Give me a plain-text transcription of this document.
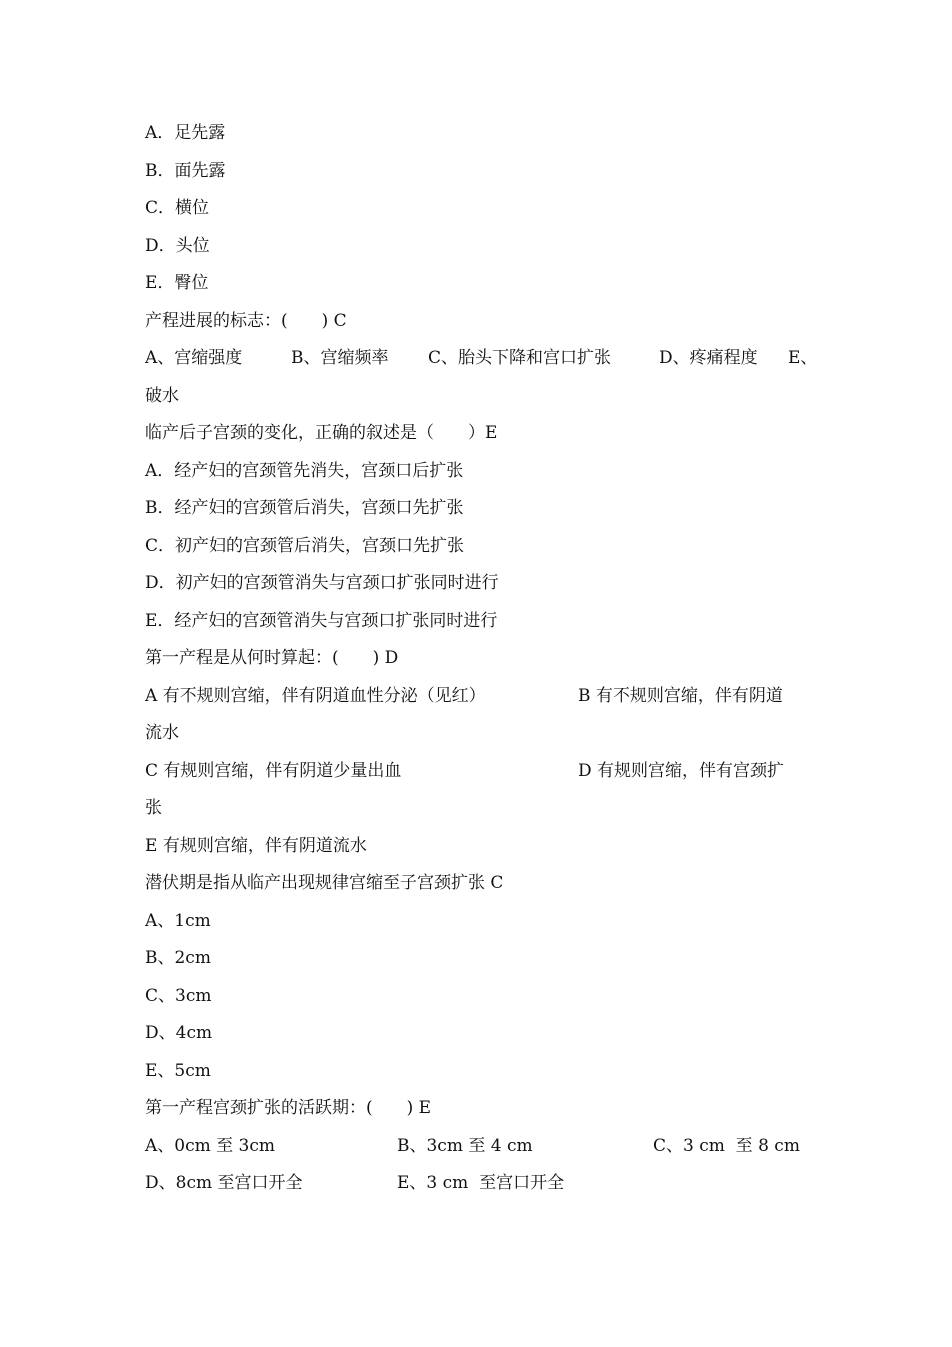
A．足先露
B．面先露
C．横位
D．头位
E．臀位
产程进展的标志：(　　) C

A、宫缩强度

	B、宫缩频率

C、胎头下降和宫口扩张

	D、疼痛程度

E、

破水
临产后子宫颈的变化，正确的叙述是（　　）E
A．经产妇的宫颈管先消失，宫颈口后扩张
B．经产妇的宫颈管后消失，宫颈口先扩张
C．初产妇的宫颈管后消失，宫颈口先扩张
D．初产妇的宫颈管消失与宫颈口扩张同时进行
E．经产妇的宫颈管消失与宫颈口扩张同时进行
第一产程是从何时算起：(　　) D

A 有不规则宫缩，伴有阴道血性分泌（见红）

	B 有不规则宫缩，伴有阴道

流水

C 有规则宫缩，伴有阴道少量出血

	D 有规则宫缩，伴有宫颈扩

张
E 有规则宫缩，伴有阴道流水
潜伏期是指从临产出现规律宫缩至子宫颈扩张 C
A、1cm
B、2cm
C、3cm
D、4cm
E、5cm
第一产程宫颈扩张的活跃期：(　　) E

A、0cm 至 3cm

	B、3cm 至 4 cm

	C、3 cm  至 8 cm

D、8cm 至宫口开全

	E、3 cm  至宫口开全
